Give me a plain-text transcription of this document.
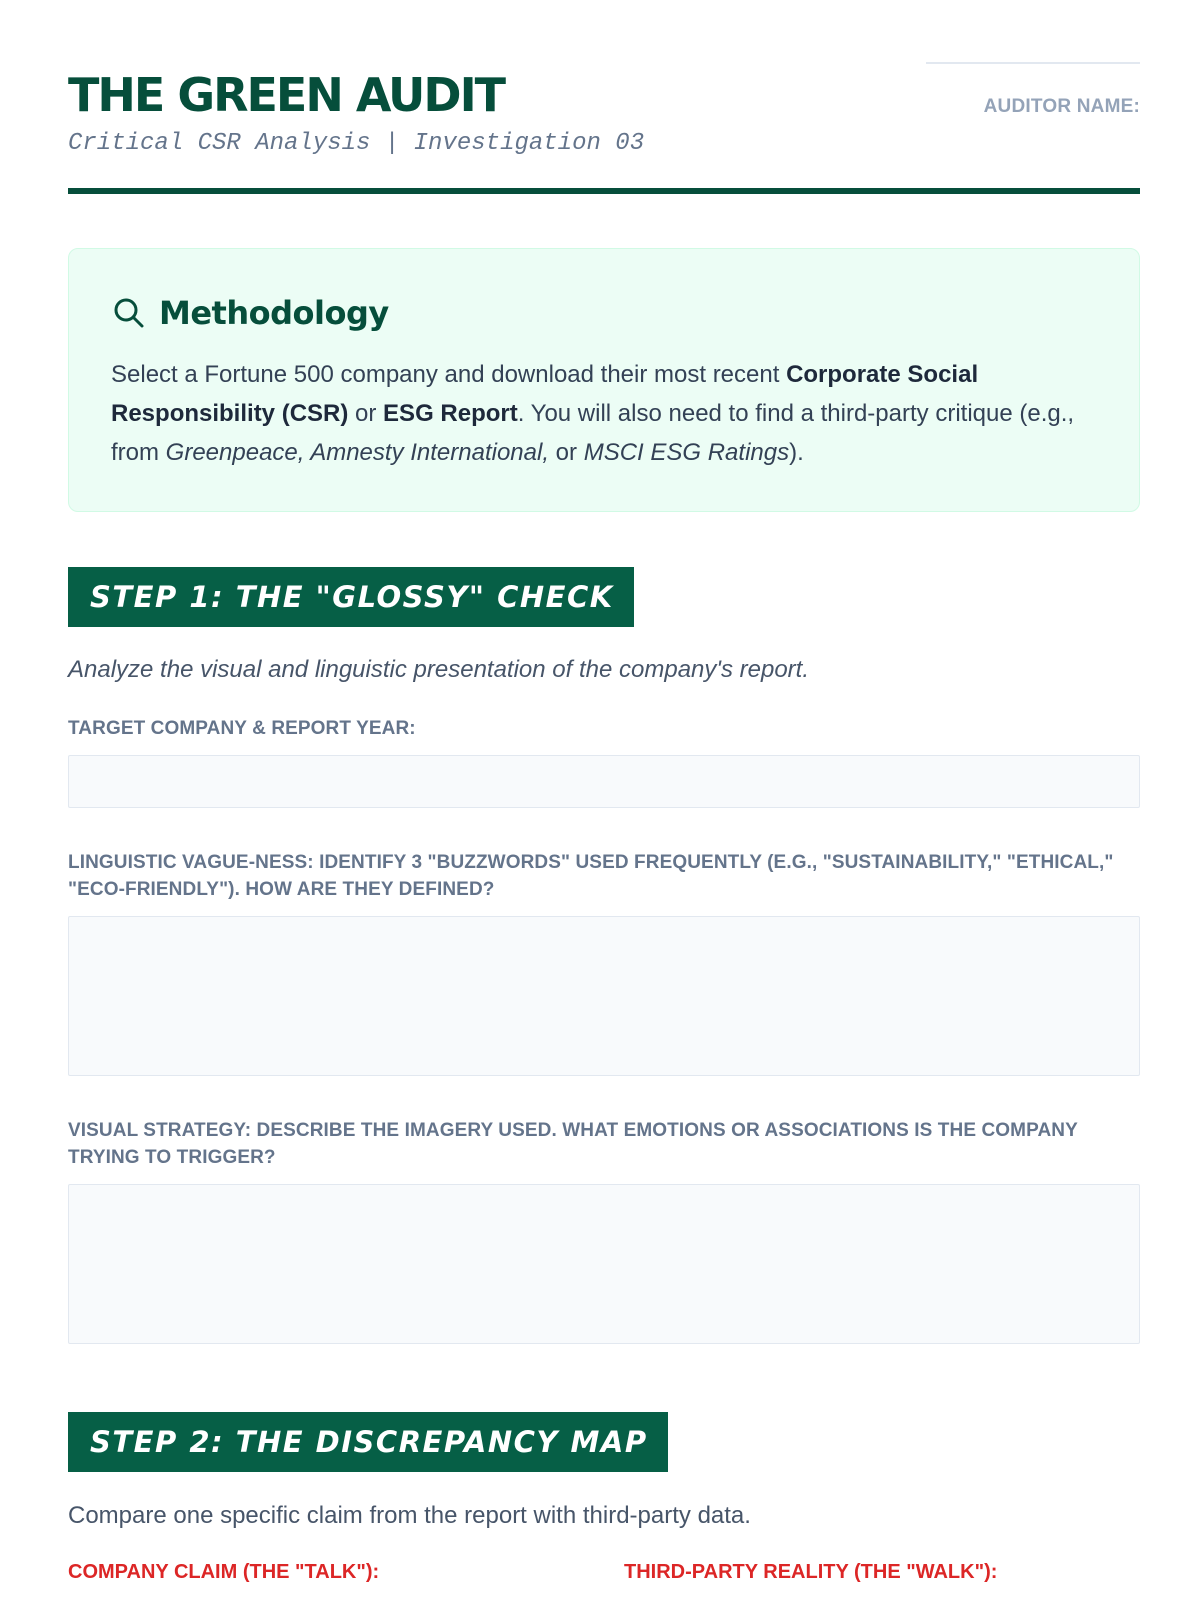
THE GREEN AUDIT
Critical CSR Analysis | Investigation 03
AUDITOR NAME:
Methodology

Select a Fortune 500 company and download their most recent Corporate Social Responsibility (CSR) or ESG Report. You will also need to find a third-party critique (e.g., from Greenpeace, Amnesty International, or MSCI ESG Ratings).

STEP 1: THE "GLOSSY" CHECK
Analyze the visual and linguistic presentation of the company's report.
TARGET COMPANY & REPORT YEAR:
LINGUISTIC VAGUE-NESS: IDENTIFY 3 "BUZZWORDS" USED FREQUENTLY (E.G., "SUSTAINABILITY," "ETHICAL," "ECO-FRIENDLY"). HOW ARE THEY DEFINED?
VISUAL STRATEGY: DESCRIBE THE IMAGERY USED. WHAT EMOTIONS OR ASSOCIATIONS IS THE COMPANY TRYING TO TRIGGER?
STEP 2: THE DISCREPANCY MAP
Compare one specific claim from the report with third-party data.
COMPANY CLAIM (THE "TALK"):	THIRD-PARTY REALITY (THE "WALK"):
